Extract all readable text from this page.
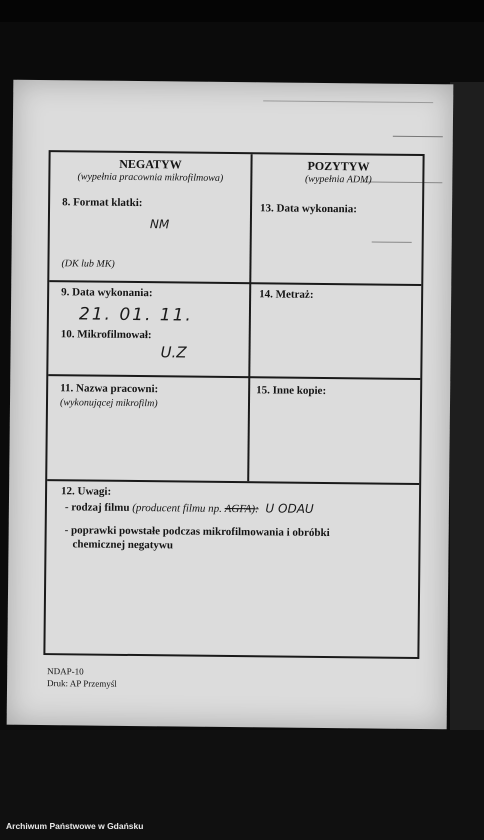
NEGATYW
(wypełnia pracownia mikrofilmowa)
POZYTYW
(wypełnia ADM)
8. Format klatki:
NM
(DK lub MK)
13. Data wykonania:
9. Data wykonania:
21. 01. 11.
10. Mikrofilmował:
U.Z
14. Metraż:
11. Nazwa pracowni:
(wykonującej mikrofilm)
15. Inne kopie:
12. Uwagi:
- rodzaj filmu (producent filmu np. AGFA): U ODAU
- poprawki powstałe podczas mikrofilmowania i obróbki
chemicznej negatywu
NDAP-10
Druk: AP Przemyśl
Archiwum Państwowe w Gdańsku
